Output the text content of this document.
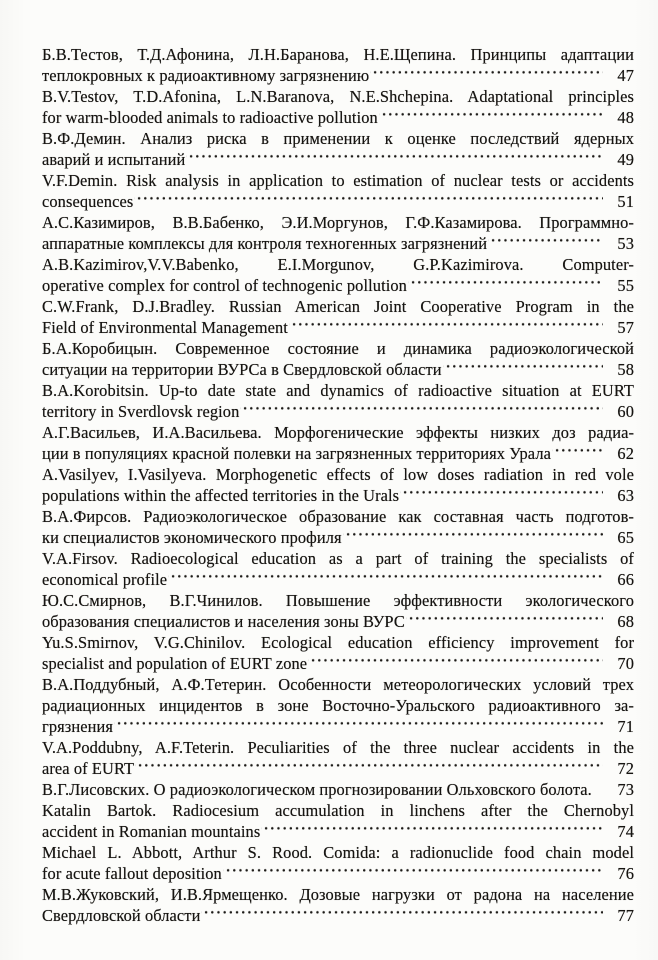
Б.В.Тестов, Т.Д.Афонина, Л.Н.Баранова, Н.Е.Щепина. Принципы адаптации
теплокровных к радиоактивному загрязнению	47
B.V.Testov, T.D.Afonina, L.N.Baranova, N.E.Shchepina. Adaptational principles
for warm-blooded animals to radioactive pollution	48
В.Ф.Демин. Анализ риска в применении к оценке последствий ядерных
аварий и испытаний	49
V.F.Demin. Risk analysis in application to estimation of nuclear tests or accidents
consequences	51
А.С.Казимиров, В.В.Бабенко, Э.И.Моргунов, Г.Ф.Казамирова. Программно-
аппаратные комплексы для контроля техногенных загрязнений	53
A.B.Kazimirov,V.V.Babenko, E.I.Morgunov, G.P.Kazimirova. Computer-
operative complex for control of technogenic pollution	55
C.W.Frank, D.J.Bradley. Russian American Joint Cooperative Program in the
Field of Environmental Management	57
Б.А.Коробицын. Современное состояние и динамика радиоэкологической
ситуации на территории ВУРСа в Свердловской области	58
B.A.Korobitsin. Up-to date state and dynamics of radioactive situation at EURT
territory in Sverdlovsk region	60
А.Г.Васильев, И.А.Васильева. Морфогенические эффекты низких доз радиа-
ции в популяциях красной полевки на загрязненных территориях Урала	62
A.Vasilyev, I.Vasilyeva. Morphogenetic effects of low doses radiation in red vole
populations within the affected territories in the Urals	63
В.А.Фирсов. Радиоэкологическое образование как составная часть подготов-
ки специалистов экономического профиля	65
V.A.Firsov. Radioecological education as a part of training the specialists of
economical profile	66
Ю.С.Смирнов, В.Г.Чинилов. Повышение эффективности экологического
образования специалистов и населения зоны ВУРС	68
Yu.S.Smirnov, V.G.Chinilov. Ecological education efficiency improvement for
specialist and population of EURT zone	70
В.А.Поддубный, А.Ф.Тетерин. Особенности метеорологических условий трех
радиационных инцидентов в зоне Восточно-Уральского радиоактивного за-
грязнения	71
V.A.Poddubny, A.F.Teterin. Peculiarities of the three nuclear accidents in the
area of EURT	72
В.Г.Лисовских. О радиоэкологическом прогнозировании Ольховского болота.	73
Katalin Bartok. Radiocesium accumulation in linchens after the Chernobyl
accident in Romanian mountains	74
Michael L. Abbott, Arthur S. Rood. Comida: a radionuclide food chain model
for acute fallout deposition	76
М.В.Жуковский, И.В.Ярмещенко. Дозовые нагрузки от радона на население
Свердловской области	77
